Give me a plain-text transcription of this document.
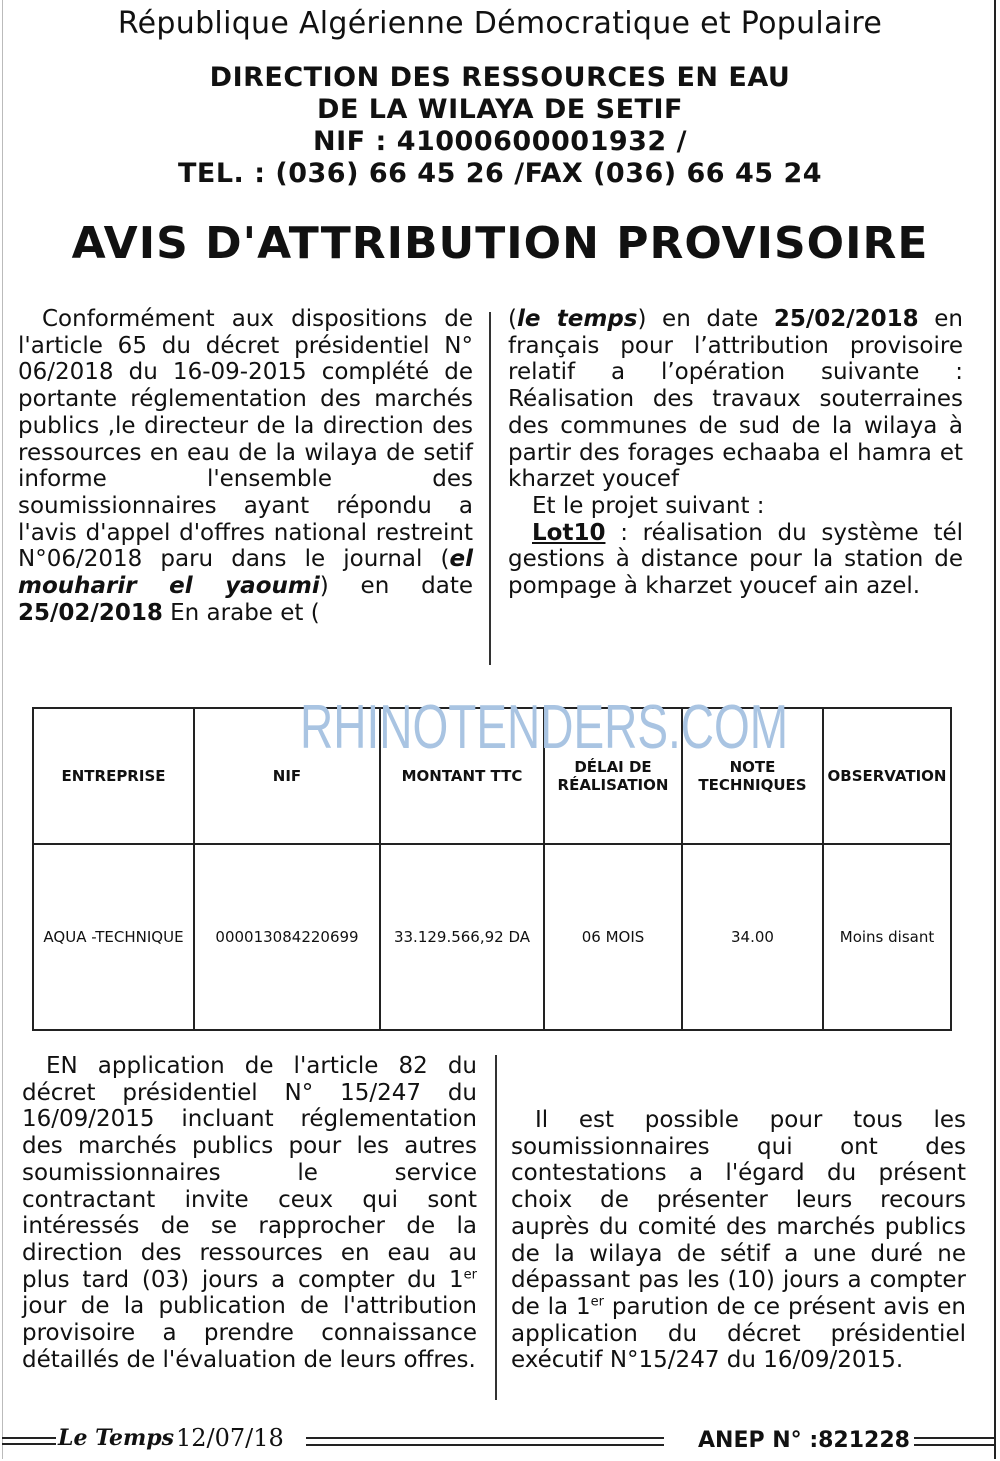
République Algérienne Démocratique et Populaire
DIRECTION DES RESSOURCES EN EAU
DE LA WILAYA DE SETIF
NIF : 41000600001932 /
TEL. : (036) 66 45 26 /FAX (036) 66 45 24
AVIS D'ATTRIBUTION PROVISOIRE

Conformément aux dispositions de l'article 65 du décret présidentiel N° 06/2018 du 16-09-2015 complété de portante réglementation des marchés publics ,le directeur de la direction des ressources en eau de la wilaya de setif informe l'ensemble des soumissionnaires ayant répondu a l'avis d'appel d'offres national restreint N°06/2018 paru dans le journal (el mouharir el yaoumi) en date 25/02/2018 En arabe et (

(le temps) en date 25/02/2018 en français pour l’attribution provisoire relatif a l’opération suivante : Réalisation des travaux souterraines des communes de sud de la wilaya à partir des forages echaaba el hamra et kharzet youcef

Et le projet suivant :

Lot10 : réalisation du système tél gestions à distance pour la station de pompage à kharzet youcef ain azel.

ENTREPRISE	NIF	MONTANT TTC	DÉLAI DE RÉALISATION	NOTE TECHNIQUES	OBSERVATION
AQUA -TECHNIQUE	000013084220699	33.129.566,92 DA	06 MOIS	34.00	Moins disant
RHINOTENDERS.COM

EN application de l'article 82 du décret présidentiel N° 15/247 du 16/09/2015 incluant réglementation des marchés publics pour les autres soumissionnaires le service contractant invite ceux qui sont intéressés de se rapprocher de la direction des ressources en eau au plus tard (03) jours a compter du 1er jour de la publication de l'attribution provisoire a prendre connaissance détaillés de l'évaluation de leurs offres.

Il est possible pour tous les soumissionnaires qui ont des contestations a l'égard du présent choix de présenter leurs recours auprès du comité des marchés publics de la wilaya de sétif a une duré ne dépassant pas les (10) jours a compter de la 1er parution de ce présent avis en application du décret présidentiel exécutif N°15/247 du 16/09/2015.

Le Temps 12/07/18	ANEP N° :821228
